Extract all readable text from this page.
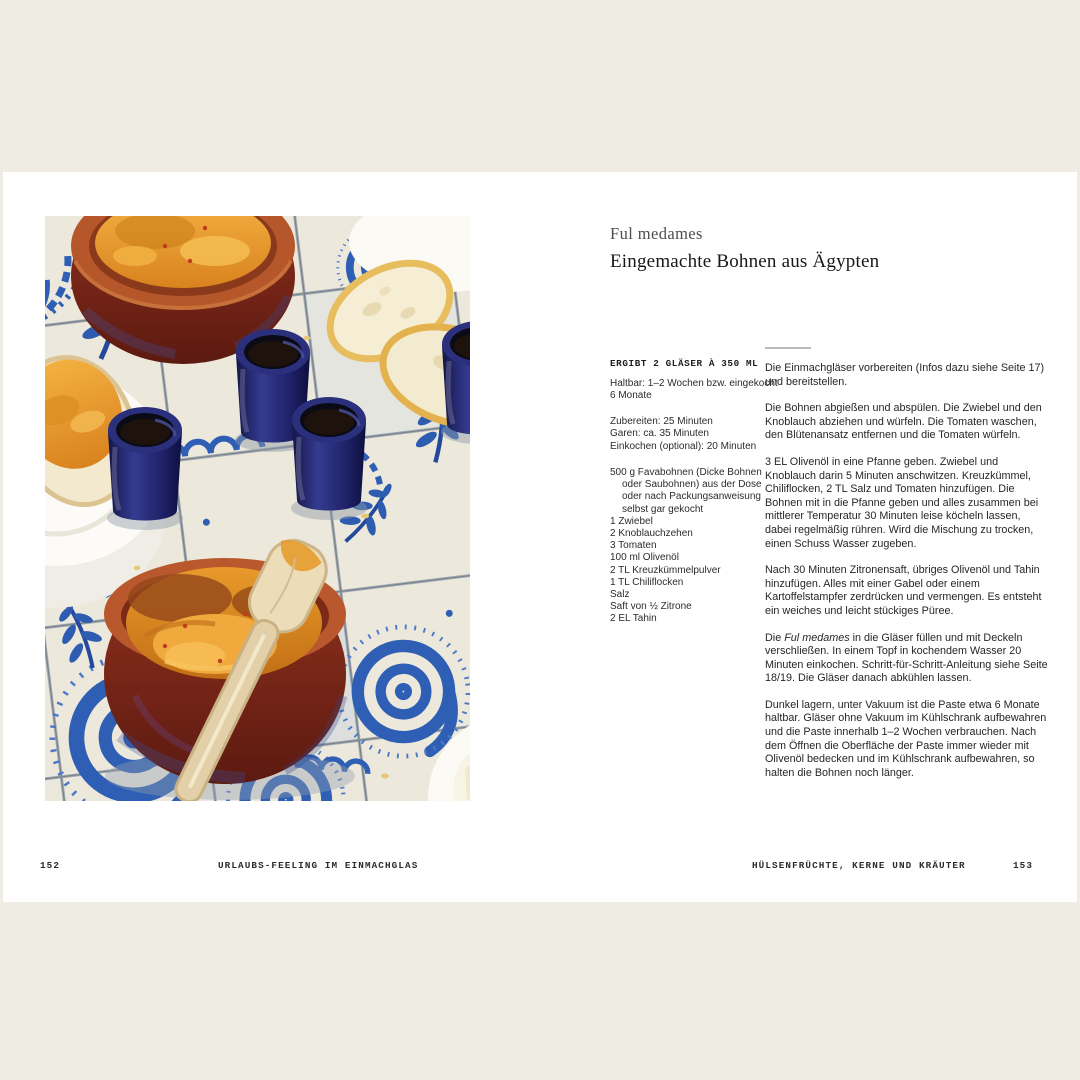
Ful medames
Eingemachte Bohnen aus Ägypten
ERGIBT 2 GLÄSER À 350 ML
Haltbar: 1–2 Wochen bzw. eingekocht 6 Monate
Zubereiten: 25 Minuten
Garen: ca. 35 Minuten
Einkochen (optional): 20 Minuten

500 g Favabohnen (Dicke Bohnen oder Saubohnen) aus der Dose oder nach Packungsanweisung selbst gar gekocht

1 Zwiebel

2 Knoblauchzehen

3 Tomaten

100 ml Olivenöl

2 TL Kreuzkümmelpulver

1 TL Chiliflocken

Salz

Saft von ½ Zitrone

2 EL Tahin

Die Einmachgläser vorbereiten (Infos dazu siehe Seite 17) und bereitstellen.

Die Bohnen abgießen und abspülen. Die Zwiebel und den Knoblauch abziehen und würfeln. Die Tomaten waschen, den Blütenansatz entfernen und die Tomaten würfeln.

3 EL Olivenöl in eine Pfanne geben. Zwiebel und Knoblauch darin 5 Minuten anschwitzen. Kreuzkümmel, Chiliflocken, 2 TL Salz und Tomaten hinzufügen. Die Bohnen mit in die Pfanne geben und alles zusammen bei mittlerer Temperatur 30 Minuten leise köcheln lassen, dabei regelmäßig rühren. Wird die Mischung zu trocken, einen Schuss Wasser zugeben.

Nach 30 Minuten Zitronensaft, übriges Olivenöl und Tahin hinzufügen. Alles mit einer Gabel oder einem Kartoffelstampfer zerdrücken und vermengen. Es entsteht ein weiches und leicht stückiges Püree.

Die Ful medames in die Gläser füllen und mit Deckeln verschließen. In einem Topf in kochendem Wasser 20 Minuten einkochen. Schritt-für-Schritt-Anleitung siehe Seite 18/19. Die Gläser danach abkühlen lassen.

Dunkel lagern, unter Vakuum ist die Paste etwa 6 Monate haltbar. Gläser ohne Vakuum im Kühlschrank aufbewahren und die Paste innerhalb 1–2 Wochen verbrauchen. Nach dem Öffnen die Oberfläche der Paste immer wieder mit Olivenöl bedecken und im Kühlschrank aufbewahren, so halten die Bohnen noch länger.

152	URLAUBS-FEELING IM EINMACHGLAS	HÜLSENFRÜCHTE, KERNE UND KRÄUTER	153
